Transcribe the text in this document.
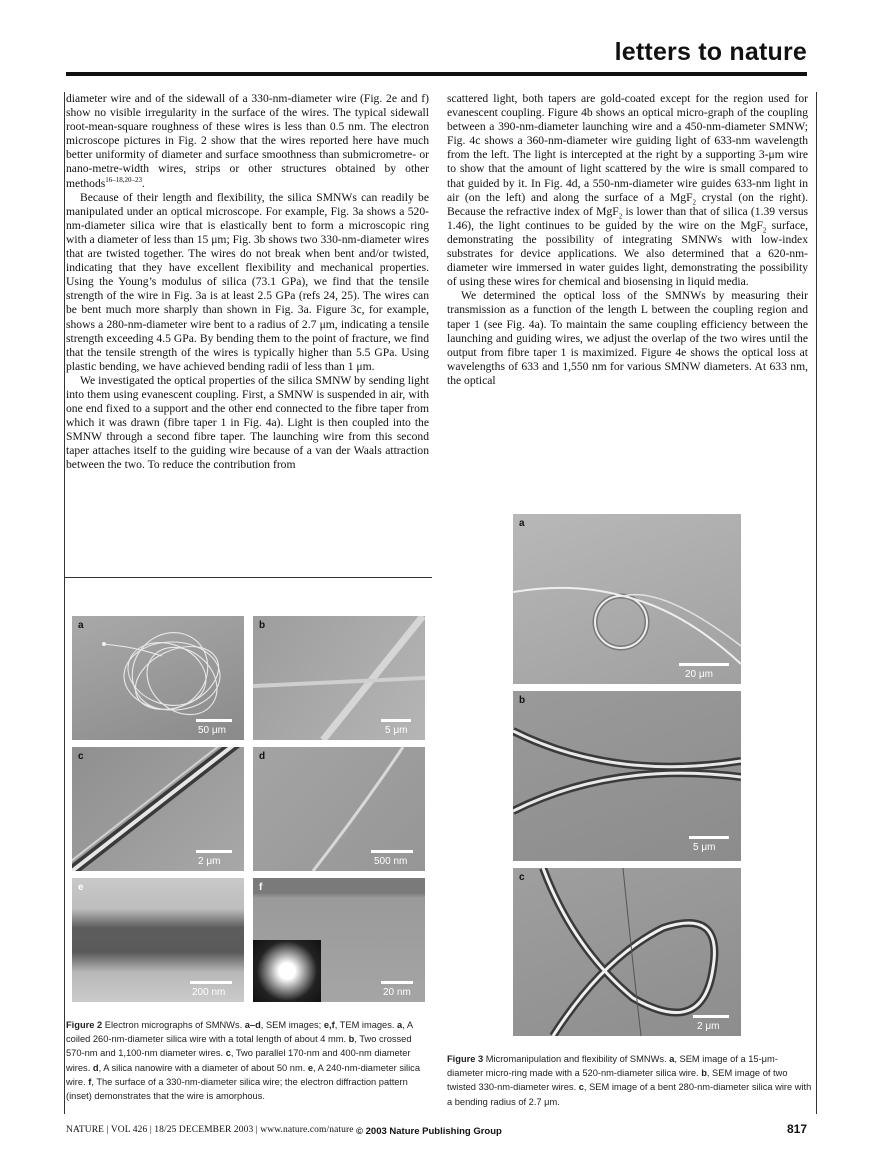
letters to nature

diameter wire and of the sidewall of a 330-nm-diameter wire (Fig. 2e and f) show no visible irregularity in the surface of the wires. The typical sidewall root-mean-square roughness of these wires is less than 0.5 nm. The electron microscope pictures in Fig. 2 show that the wires reported here have much better uniformity of diameter and surface smoothness than submicrometre- or nano-metre-width wires, strips or other structures obtained by other methods$^{16-18,20-23}$.

Because of their length and flexibility, the silica SMNWs can readily be manipulated under an optical microscope. For example, Fig. 3a shows a 520-nm-diameter silica wire that is elastically bent to form a microscopic ring with a diameter of less than 15 μm; Fig. 3b shows two 330-nm-diameter wires that are twisted together. The wires do not break when bent and/or twisted, indicating that they have excellent flexibility and mechanical properties. Using the Young’s modulus of silica (73.1 GPa), we find that the tensile strength of the wire in Fig. 3a is at least 2.5 GPa (refs 24, 25). The wires can be bent much more sharply than shown in Fig. 3a. Figure 3c, for example, shows a 280-nm-diameter wire bent to a radius of 2.7 μm, indicating a tensile strength exceeding 4.5 GPa. By bending them to the point of fracture, we find that the tensile strength of the wires is typically higher than 5.5 GPa. Using plastic bending, we have achieved bending radii of less than 1 μm.

We investigated the optical properties of the silica SMNW by sending light into them using evanescent coupling. First, a SMNW is suspended in air, with one end fixed to a support and the other end connected to the fibre taper from which it was drawn (fibre taper 1 in Fig. 4a). Light is then coupled into the SMNW through a second fibre taper. The launching wire from this second taper attaches itself to the guiding wire because of a van der Waals attraction between the two. To reduce the contribution from

scattered light, both tapers are gold-coated except for the region used for evanescent coupling. Figure 4b shows an optical micro-graph of the coupling between a 390-nm-diameter launching wire and a 450-nm-diameter SMNW; Fig. 4c shows a 360-nm-diameter wire guiding light of 633-nm wavelength from the left. The light is intercepted at the right by a supporting 3-μm wire to show that the amount of light scattered by the wire is small compared to that guided by it. In Fig. 4d, a 550-nm-diameter wire guides 633-nm light in air (on the left) and along the surface of a MgF$_2$ crystal (on the right). Because the refractive index of MgF$_2$ is lower than that of silica (1.39 versus 1.46), the light continues to be guided by the wire on the MgF$_2$ surface, demonstrating the possibility of integrating SMNWs with low-index substrates for device applications. We also determined that a 620-nm-diameter wire immersed in water guides light, demonstrating the possibility of using these wires for chemical and biosensing in liquid media.

We determined the optical loss of the SMNWs by measuring their transmission as a function of the length L between the coupling region and taper 1 (see Fig. 4a). To maintain the same coupling efficiency between the launching and guiding wires, we adjust the overlap of the two wires until the output from fibre taper 1 is maximized. Figure 4e shows the optical loss at wavelengths of 633 and 1,550 nm for various SMNW diameters. At 633 nm, the optical

a
50 μm
b
5 μm
c
2 μm
d
500 nm
e
200 nm
f
20 nm
Figure 2 Electron micrographs of SMNWs. a–d, SEM images; e,f, TEM images. a, A coiled 260-nm-diameter silica wire with a total length of about 4 mm. b, Two crossed 570-nm and 1,100-nm diameter wires. c, Two parallel 170-nm and 400-nm diameter wires. d, A silica nanowire with a diameter of about 50 nm. e, A 240-nm-diameter silica wire. f, The surface of a 330-nm-diameter silica wire; the electron diffraction pattern (inset) demonstrates that the wire is amorphous.
a
20 μm
b
5 μm
c
2 μm
Figure 3 Micromanipulation and flexibility of SMNWs. a, SEM image of a 15-μm-diameter micro-ring made with a 520-nm-diameter silica wire. b, SEM image of two twisted 330-nm-diameter wires. c, SEM image of a bent 280-nm-diameter silica wire with a bending radius of 2.7 μm.
NATURE | VOL 426 | 18/25 DECEMBER 2003 | www.nature.com/nature © 2003 Nature Publishing Group	817
